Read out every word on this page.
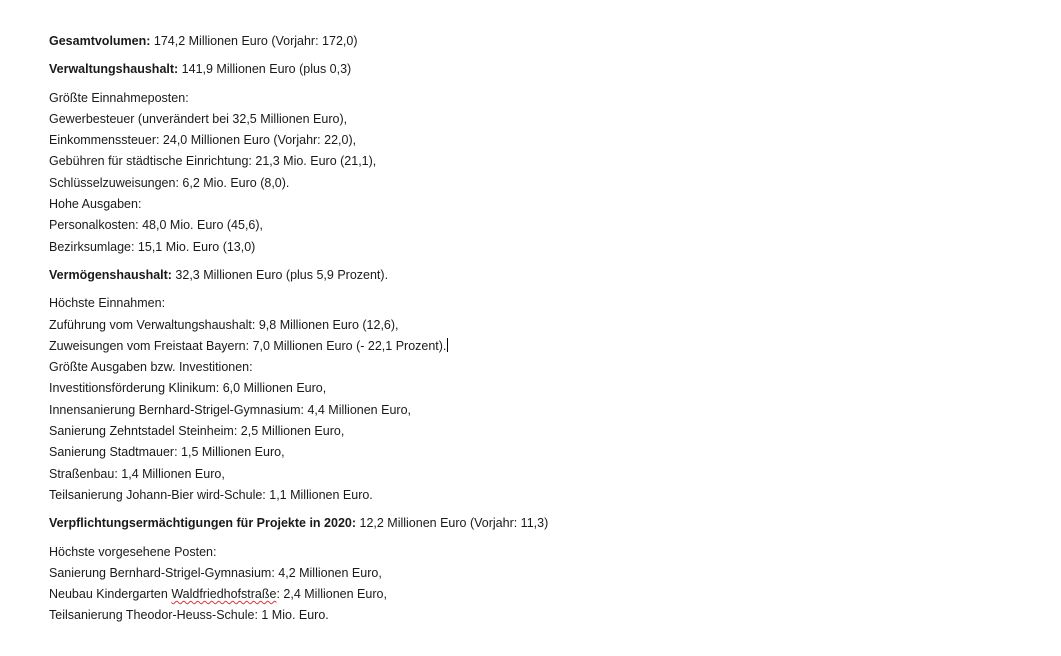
Gesamtvolumen: 174,2 Millionen Euro (Vorjahr: 172,0)
Verwaltungshaushalt: 141,9 Millionen Euro (plus 0,3)
Größte Einnahmeposten:
Gewerbesteuer (unverändert bei 32,5 Millionen Euro),
Einkommenssteuer: 24,0 Millionen Euro (Vorjahr: 22,0),
Gebühren für städtische Einrichtung: 21,3 Mio. Euro (21,1),
Schlüsselzuweisungen: 6,2 Mio. Euro (8,0).
Hohe Ausgaben:
Personalkosten: 48,0 Mio. Euro (45,6),
Bezirksumlage: 15,1 Mio. Euro (13,0)
Vermögenshaushalt: 32,3 Millionen Euro (plus 5,9 Prozent).
Höchste Einnahmen:
Zuführung vom Verwaltungshaushalt: 9,8 Millionen Euro (12,6),
Zuweisungen vom Freistaat Bayern: 7,0 Millionen Euro (- 22,1 Prozent).
Größte Ausgaben bzw. Investitionen:
Investitionsförderung Klinikum: 6,0 Millionen Euro,
Innensanierung Bernhard-Strigel-Gymnasium: 4,4 Millionen Euro,
Sanierung Zehntstadel Steinheim: 2,5 Millionen Euro,
Sanierung Stadtmauer: 1,5 Millionen Euro,
Straßenbau: 1,4 Millionen Euro,
Teilsanierung Johann-Bier wird-Schule: 1,1 Millionen Euro.
Verpflichtungsermächtigungen für Projekte in 2020: 12,2 Millionen Euro (Vorjahr: 11,3)
Höchste vorgesehene Posten:
Sanierung Bernhard-Strigel-Gymnasium: 4,2 Millionen Euro,
Neubau Kindergarten Waldfriedhofstraße: 2,4 Millionen Euro,
Teilsanierung Theodor-Heuss-Schule: 1 Mio. Euro.
